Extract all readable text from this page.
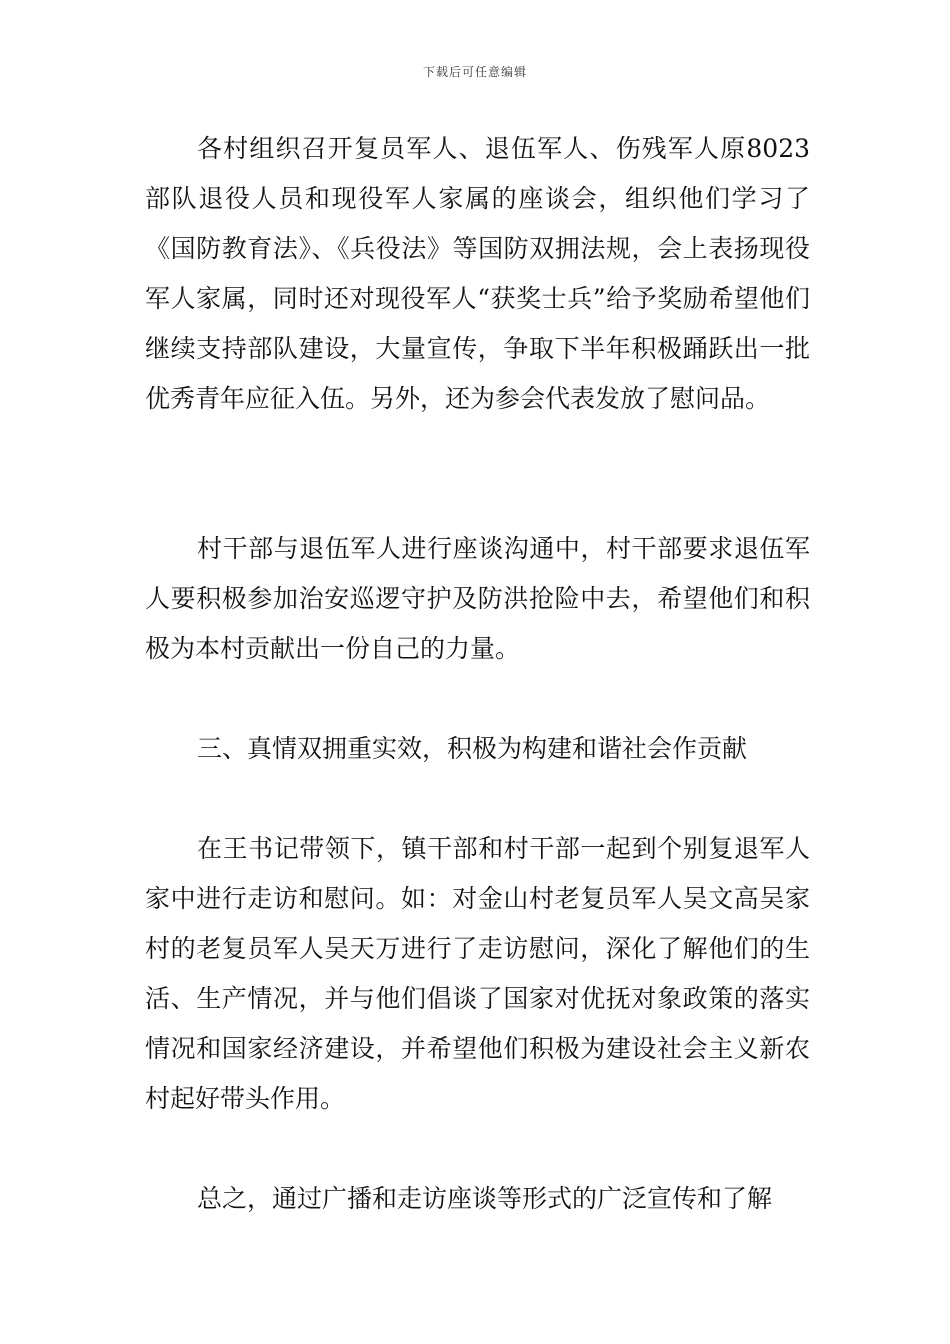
下载后可任意编辑

各村组织召开复员军人、退伍军人、伤残军人原8023部队退役人员和现役军人家属的座谈会，组织他们学习了《国防教育法》、《兵役法》等国防双拥法规，会上表扬现役军人家属，同时还对现役军人“获奖士兵”给予奖励希望他们继续支持部队建设，大量宣传，争取下半年积极踊跃出一批优秀青年应征入伍。另外，还为参会代表发放了慰问品。

村干部与退伍军人进行座谈沟通中，村干部要求退伍军人要积极参加治安巡逻守护及防洪抢险中去，希望他们和积极为本村贡献出一份自己的力量。

三、真情双拥重实效，积极为构建和谐社会作贡献

在王书记带领下，镇干部和村干部一起到个别复退军人家中进行走访和慰问。如：对金山村老复员军人吴文高吴家村的老复员军人吴天万进行了走访慰问，深化了解他们的生活、生产情况，并与他们倡谈了国家对优抚对象政策的落实情况和国家经济建设，并希望他们积极为建设社会主义新农村起好带头作用。

总之，通过广播和走访座谈等形式的广泛宣传和了解
